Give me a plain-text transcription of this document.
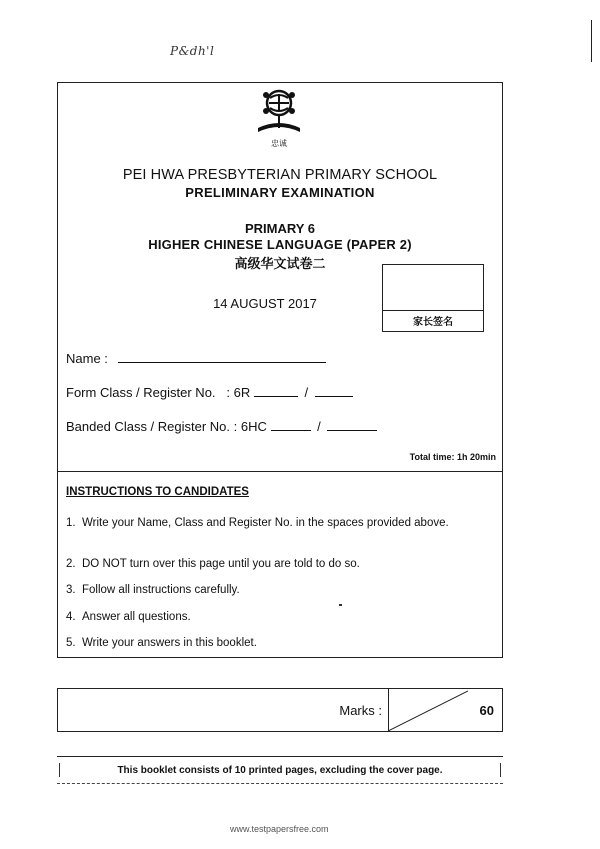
P&dh'l
忠诚
PEI HWA PRESBYTERIAN PRIMARY SCHOOL
PRELIMINARY EXAMINATION
PRIMARY 6
HIGHER CHINESE LANGUAGE (PAPER 2)
高级华文试卷二
14 AUGUST 2017
家长签名
Name :
Form Class / Register No.   : 6R	/
Banded Class / Register No. : 6HC	/
Total time: 1h 20min
INSTRUCTIONS TO CANDIDATES
1. Write your Name, Class and Register No. in the spaces provided above.
2. DO NOT turn over this page until you are told to do so.
3. Follow all instructions carefully.
4. Answer all questions.
5. Write your answers in this booklet.
Marks :	60
This booklet consists of 10 printed pages, excluding the cover page.
www.testpapersfree.com
